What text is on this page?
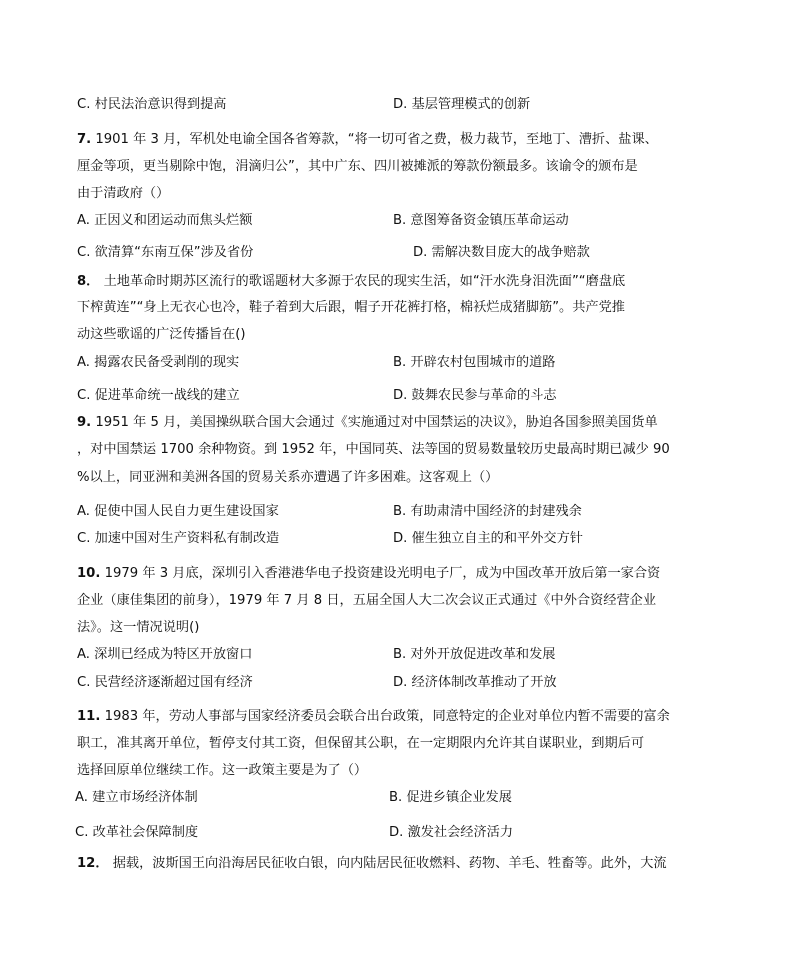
C. 村民法治意识得到提高	D. 基层管理模式的创新
7. 1901 年 3 月，军机处电谕全国各省筹款，“将一切可省之费，极力裁节，至地丁、漕折、盐课、
厘金等项，更当剔除中饱，涓滴归公”，其中广东、四川被摊派的筹款份额最多。该谕令的颁布是
由于清政府（）
A. 正因义和团运动而焦头烂额	B. 意图筹备资金镇压革命运动
C. 欲清算“东南互保”涉及省份	D. 需解决数目庞大的战争赔款
8． 土地革命时期苏区流行的歌谣题材大多源于农民的现实生活，如“汗水洗身泪洗面”“磨盘底
下榨黄连”“身上无衣心也冷，鞋子着到大后跟，帽子开花裤打格，棉袄烂成猪脚筋”。共产党推
动这些歌谣的广泛传播旨在()
A. 揭露农民备受剥削的现实	B. 开辟农村包围城市的道路
C. 促进革命统一战线的建立	D. 鼓舞农民参与革命的斗志
9. 1951 年 5 月，美国操纵联合国大会通过《实施通过对中国禁运的决议》，胁迫各国参照美国货单
，对中国禁运 1700 余种物资。到 1952 年，中国同英、法等国的贸易数量较历史最高时期已减少 90
%以上，同亚洲和美洲各国的贸易关系亦遭遇了许多困难。这客观上（）
A. 促使中国人民自力更生建设国家	B. 有助肃清中国经济的封建残余
C. 加速中国对生产资料私有制改造	D. 催生独立自主的和平外交方针
10. 1979 年 3 月底，深圳引入香港港华电子投资建设光明电子厂，成为中国改革开放后第一家合资
企业（康佳集团的前身），1979 年 7 月 8 日，五届全国人大二次会议正式通过《中外合资经营企业
法》。这一情况说明()
A. 深圳已经成为特区开放窗口	B. 对外开放促进改革和发展
C. 民营经济逐渐超过国有经济	D. 经济体制改革推动了开放
11. 1983 年，劳动人事部与国家经济委员会联合出台政策，同意特定的企业对单位内暂不需要的富余
职工，准其离开单位，暂停支付其工资，但保留其公职，在一定期限内允许其自谋职业，到期后可
选择回原单位继续工作。这一政策主要是为了（）
A. 建立市场经济体制	B. 促进乡镇企业发展
C. 改革社会保障制度	D. 激发社会经济活力
12． 据载，波斯国王向沿海居民征收白银，向内陆居民征收燃料、药物、羊毛、牲畜等。此外，大流
